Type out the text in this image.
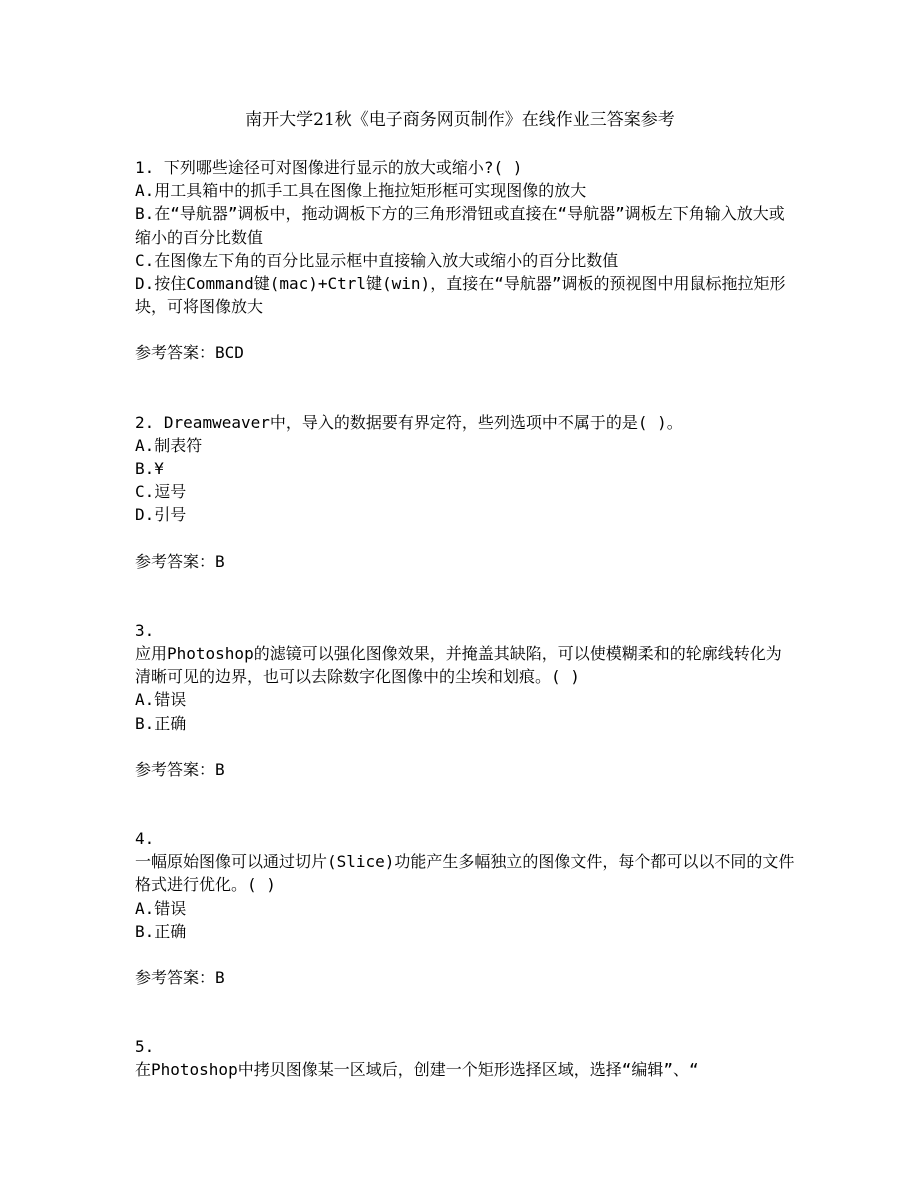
南开大学21秋《电子商务网页制作》在线作业三答案参考

1. 下列哪些途径可对图像进行显示的放大或缩小?( )

A.用工具箱中的抓手工具在图像上拖拉矩形框可实现图像的放大
B.在“导航器”调板中，拖动调板下方的三角形滑钮或直接在“导航器”调板左下角输入放大或缩小的百分比数值
C.在图像左下角的百分比显示框中直接输入放大或缩小的百分比数值
D.按住Command键(mac)+Ctrl键(win)，直接在“导航器”调板的预视图中用鼠标拖拉矩形块，可将图像放大

参考答案：BCD

2. Dreamweaver中，导入的数据要有界定符，些列选项中不属于的是( )。

A.制表符
B.¥
C.逗号
D.引号

参考答案：B

3.

应用Photoshop的滤镜可以强化图像效果，并掩盖其缺陷，可以使模糊柔和的轮廓线转化为清晰可见的边界，也可以去除数字化图像中的尘埃和划痕。( )

A.错误
B.正确

参考答案：B

4.

一幅原始图像可以通过切片(Slice)功能产生多幅独立的图像文件，每个都可以以不同的文件格式进行优化。( )

A.错误
B.正确

参考答案：B

5.

在Photoshop中拷贝图像某一区域后，创建一个矩形选择区域，选择“编辑”、“
